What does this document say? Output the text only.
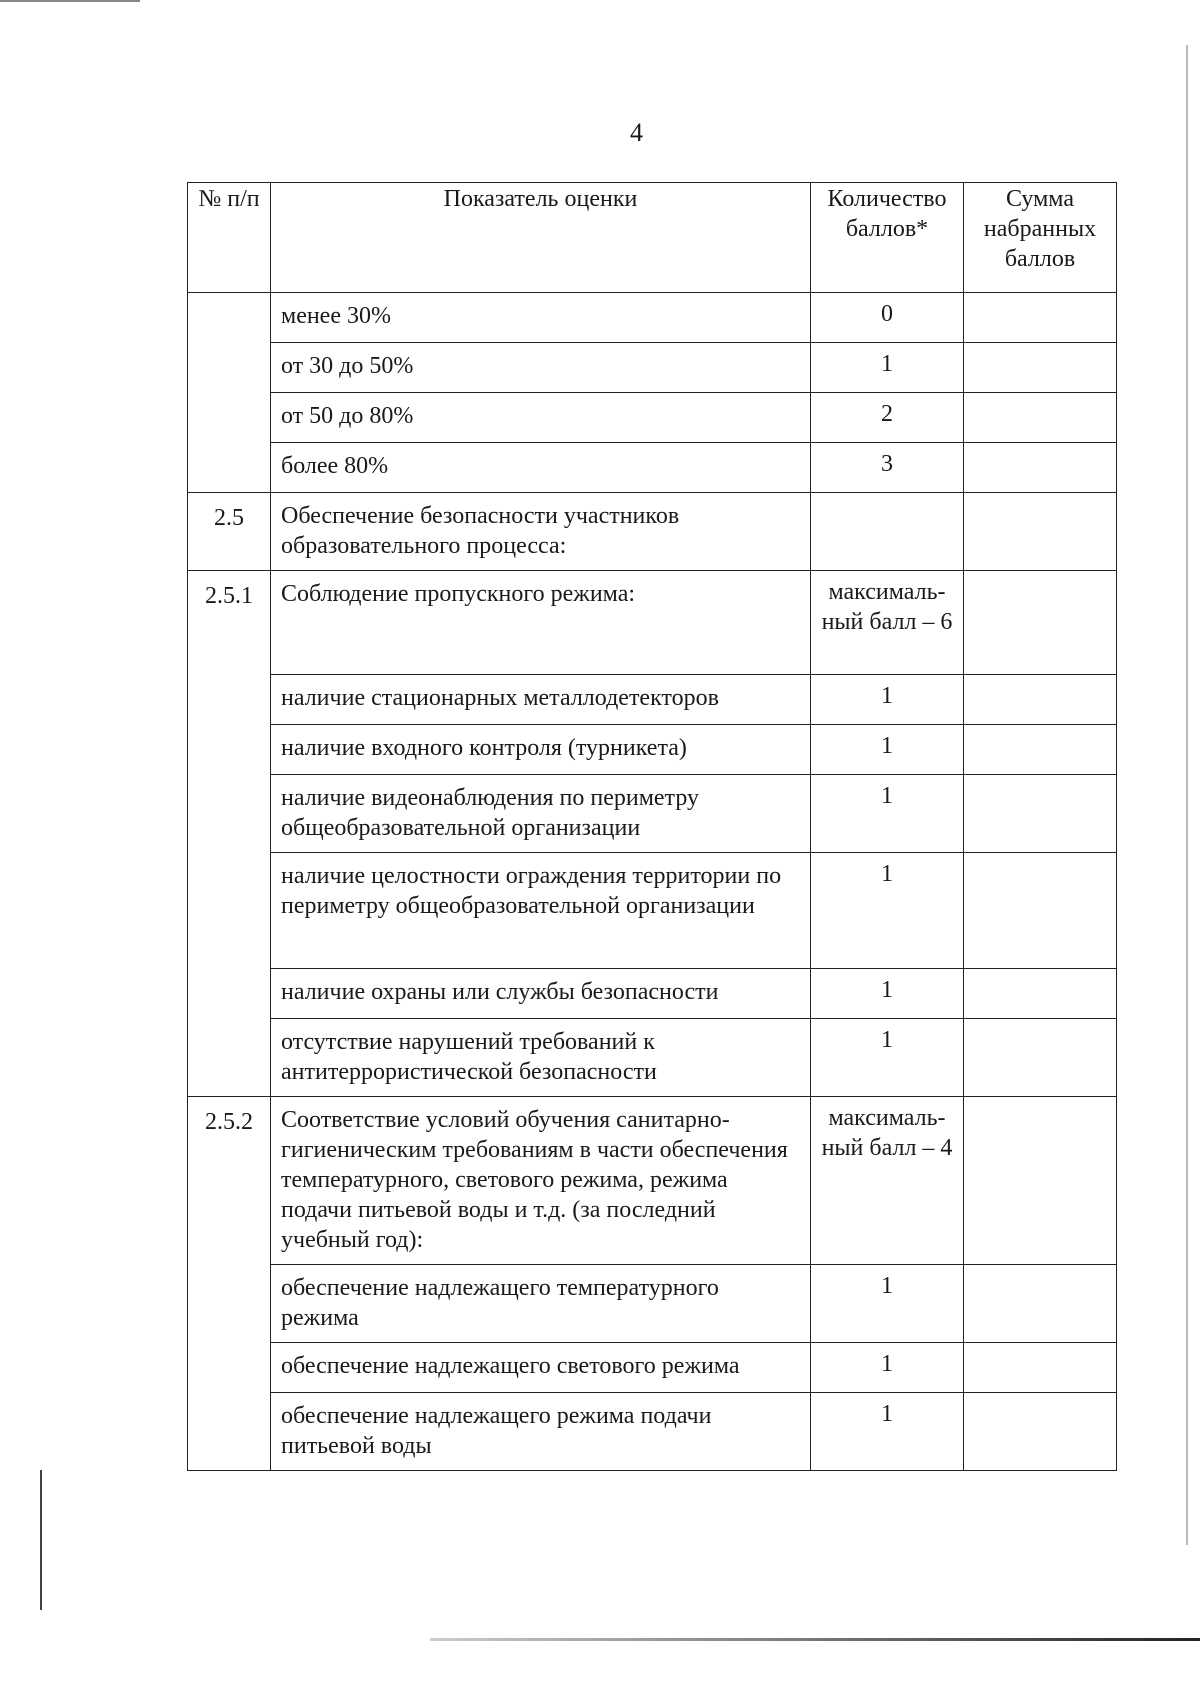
4
№ п/п	Показатель оценки	Количество баллов*	Сумма набранных баллов
	менее 30%	0	
	от 30 до 50%	1	
	от 50 до 80%	2	
	более 80%	3	
2.5	Обеспечение безопасности участников образовательного процесса:		
2.5.1	Соблюдение пропускного режима:	максималь-ный балл – 6	
	наличие стационарных металлодетекторов	1	
	наличие входного контроля (турникета)	1	
	наличие видеонаблюдения по периметру общеобразовательной организации	1	
	наличие целостности ограждения территории по периметру общеобразовательной организации	1	
	наличие охраны или службы безопасности	1	
	отсутствие нарушений требований к антитеррористической безопасности	1	
2.5.2	Соответствие условий обучения санитарно-гигиеническим требованиям в части обеспечения температурного, светового режима, режима подачи питьевой воды и т.д. (за последний учебный год):	максималь-ный балл – 4	
	обеспечение надлежащего температурного режима	1	
	обеспечение надлежащего светового режима	1	
	обеспечение надлежащего режима подачи питьевой воды	1	
